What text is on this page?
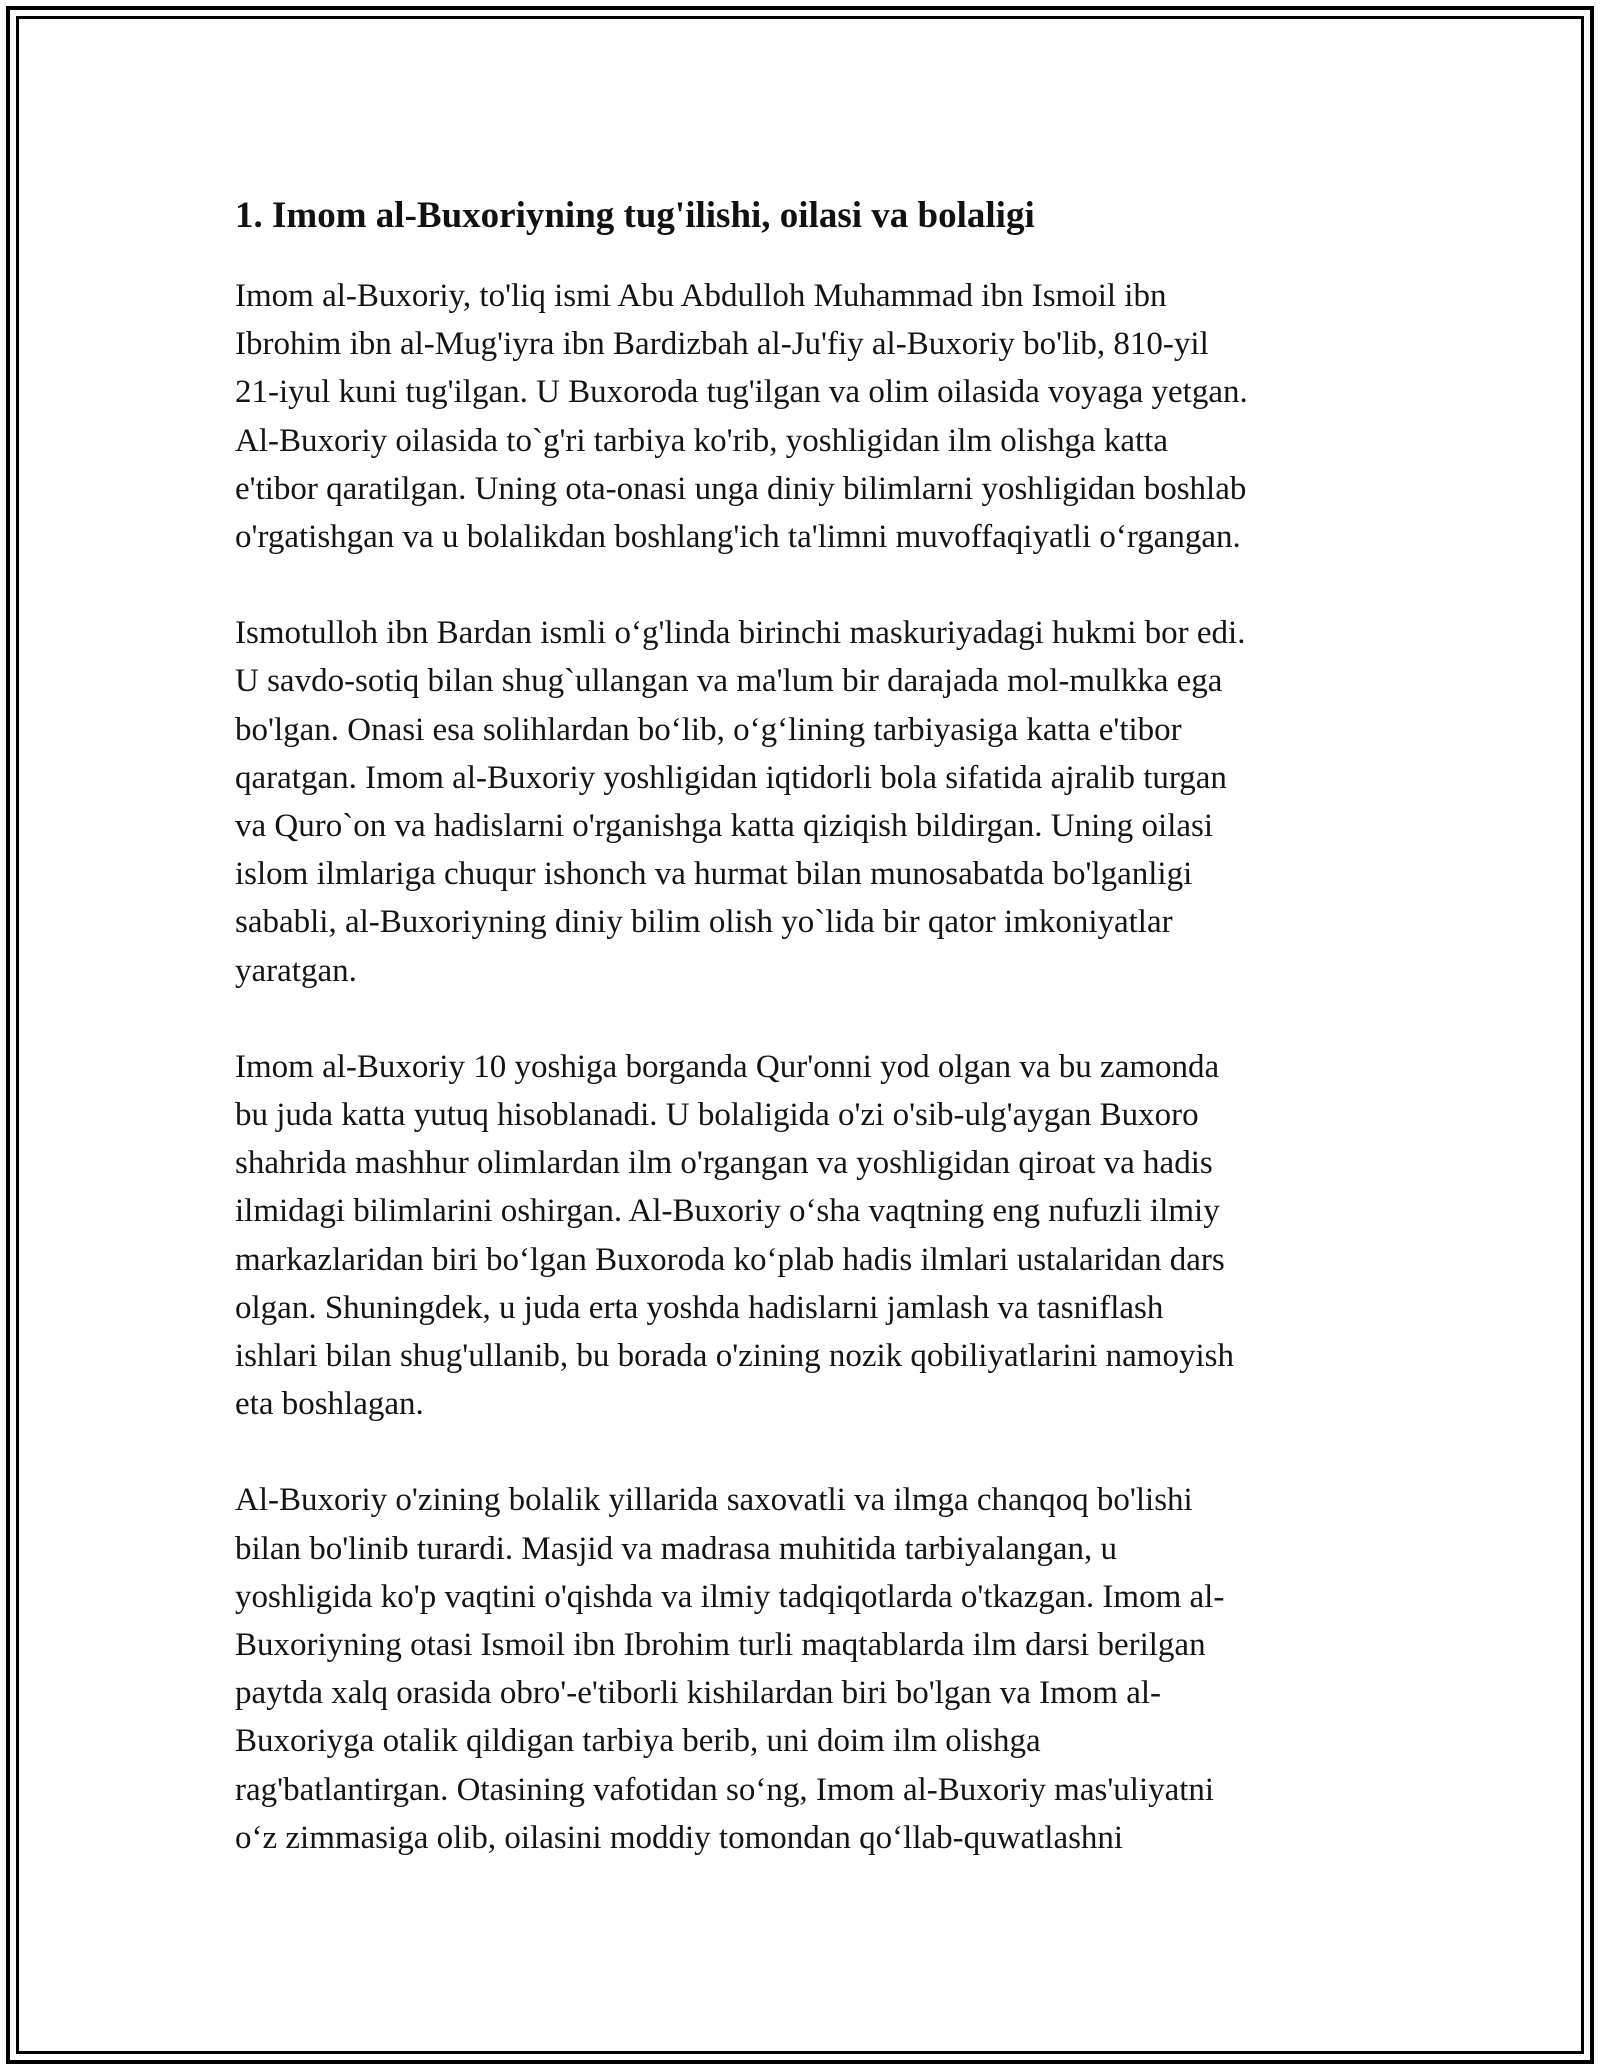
1. Imom al-Buxoriyning tug'ilishi, oilasi va bolaligi

Imom al-Buxoriy, to'liq ismi Abu Abdulloh Muhammad ibn Ismoil ibn
Ibrohim ibn al-Mug'iyra ibn Bardizbah al-Ju'fiy al-Buxoriy bo'lib, 810-yil
21-iyul kuni tug'ilgan. U Buxoroda tug'ilgan va olim oilasida voyaga yetgan.
Al-Buxoriy oilasida to`g'ri tarbiya ko'rib, yoshligidan ilm olishga katta
e'tibor qaratilgan. Uning ota-onasi unga diniy bilimlarni yoshligidan boshlab
o'rgatishgan va u bolalikdan boshlang'ich ta'limni muvoffaqiyatli o‘rgangan.

Ismotulloh ibn Bardan ismli o‘g'linda birinchi maskuriyadagi hukmi bor edi.
U savdo-sotiq bilan shug`ullangan va ma'lum bir darajada mol-mulkka ega
bo'lgan. Onasi esa solihlardan bo‘lib, o‘g‘lining tarbiyasiga katta e'tibor
qaratgan. Imom al-Buxoriy yoshligidan iqtidorli bola sifatida ajralib turgan
va Quro`on va hadislarni o'rganishga katta qiziqish bildirgan. Uning oilasi
islom ilmlariga chuqur ishonch va hurmat bilan munosabatda bo'lganligi
sababli, al-Buxoriyning diniy bilim olish yo`lida bir qator imkoniyatlar
yaratgan.

Imom al-Buxoriy 10 yoshiga borganda Qur'onni yod olgan va bu zamonda
bu juda katta yutuq hisoblanadi. U bolaligida o'zi o'sib-ulg'aygan Buxoro
shahrida mashhur olimlardan ilm o'rgangan va yoshligidan qiroat va hadis
ilmidagi bilimlarini oshirgan. Al-Buxoriy o‘sha vaqtning eng nufuzli ilmiy
markazlaridan biri bo‘lgan Buxoroda ko‘plab hadis ilmlari ustalaridan dars
olgan. Shuningdek, u juda erta yoshda hadislarni jamlash va tasniflash
ishlari bilan shug'ullanib, bu borada o'zining nozik qobiliyatlarini namoyish
eta boshlagan.

Al-Buxoriy o'zining bolalik yillarida saxovatli va ilmga chanqoq bo'lishi
bilan bo'linib turardi. Masjid va madrasa muhitida tarbiyalangan, u
yoshligida ko'p vaqtini o'qishda va ilmiy tadqiqotlarda o'tkazgan. Imom al-
Buxoriyning otasi Ismoil ibn Ibrohim turli maqtablarda ilm darsi berilgan
paytda xalq orasida obro'-e'tiborli kishilardan biri bo'lgan va Imom al-
Buxoriyga otalik qildigan tarbiya berib, uni doim ilm olishga
rag'batlantirgan. Otasining vafotidan so‘ng, Imom al-Buxoriy mas'uliyatni
o‘z zimmasiga olib, oilasini moddiy tomondan qo‘llab-quwatlashni
